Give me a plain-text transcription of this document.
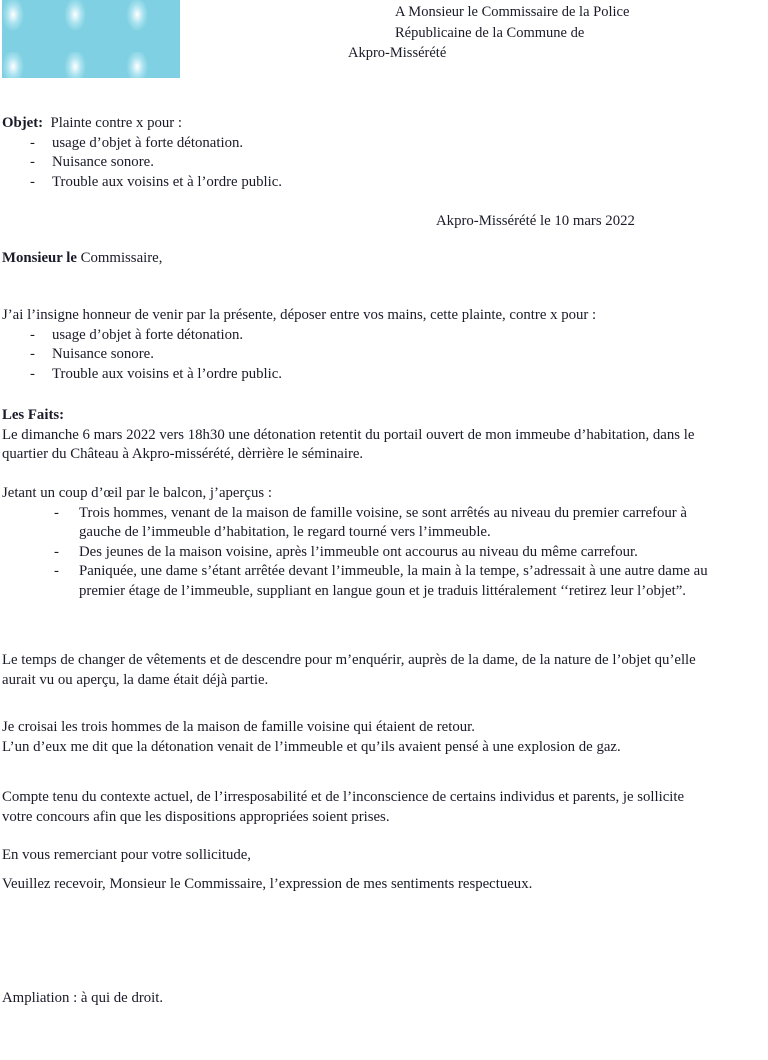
A Monsieur le Commissaire de la Police
Républicaine de la Commune de
Akpro-Missérété

Objet: Plainte contre x pour :

- usage d’objet à forte détonation.
- Nuisance sonore.
- Trouble aux voisins et à l’ordre public.
Akpro-Missérété le 10 mars 2022

Monsieur le Commissaire,

J’ai l’insigne honneur de venir par la présente, déposer entre vos mains, cette plainte, contre x pour :

- usage d’objet à forte détonation.
- Nuisance sonore.
- Trouble aux voisins et à l’ordre public.

Les Faits:

Le dimanche 6 mars 2022 vers 18h30 une détonation retentit du portail ouvert de mon immeube d’habitation, dans le quartier du Château à Akpro-missérété, dèrrière le séminaire.

Jetant un coup d’œil par le balcon, j’aperçus :

- Trois hommes, venant de la maison de famille voisine, se sont arrêtés au niveau du premier carrefour à gauche de l’immeuble d’habitation, le regard tourné vers l’immeuble.
- Des jeunes de la maison voisine, après l’immeuble ont accourus au niveau du même carrefour.
- Paniquée, une dame s’étant arrêtée devant l’immeuble, la main à la tempe, s’adressait à une autre dame au premier étage de l’immeuble, suppliant en langue goun et je traduis littéralement ‘‘retirez leur l’objet”.

Le temps de changer de vêtements et de descendre pour m’enquérir, auprès de la dame, de la nature de l’objet qu’elle aurait vu ou aperçu, la dame était déjà partie.

Je croisai les trois hommes de la maison de famille voisine qui étaient de retour.

L’un d’eux me dit que la détonation venait de l’immeuble et qu’ils avaient pensé à une explosion de gaz.

Compte tenu du contexte actuel, de l’irresposabilité et de l’inconscience de certains individus et parents, je sollicite votre concours afin que les dispositions appropriées soient prises.

En vous remerciant pour votre sollicitude,

Veuillez recevoir, Monsieur le Commissaire, l’expression de mes sentiments respectueux.

Ampliation : à qui de droit.
